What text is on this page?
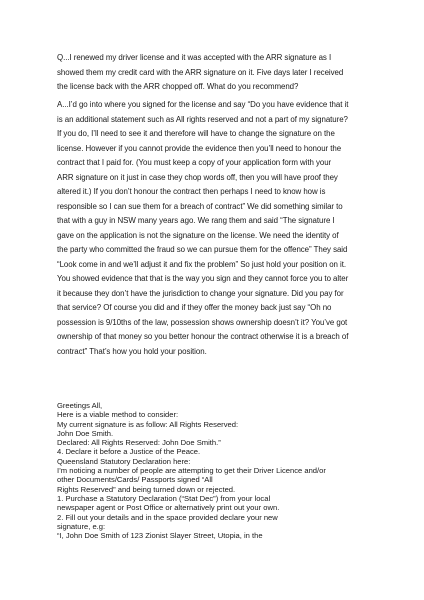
Q...I renewed my driver license and it was accepted with the ARR signature as I
showed them my credit card with the ARR signature on it. Five days later I received
the license back with the ARR chopped off. What do you recommend?

A...I’d go into where you signed for the license and say “Do you have evidence that it
is an additional statement such as All rights reserved and not a part of my signature?
If you do, I’ll need to see it and therefore will have to change the signature on the
license. However if you cannot provide the evidence then you’ll need to honour the
contract that I paid for. (You must keep a copy of your application form with your
ARR signature on it just in case they chop words off, then you will have proof they
altered it.) If you don’t honour the contract then perhaps I need to know how is
responsible so I can sue them for a breach of contract” We did something similar to
that with a guy in NSW many years ago. We rang them and said “The signature I
gave on the application is not the signature on the license. We need the identity of
the party who committed the fraud so we can pursue them for the offence” They said
“Look come in and we’ll adjust it and fix the problem” So just hold your position on it.
You showed evidence that that is the way you sign and they cannot force you to alter
it because they don’t have the jurisdiction to change your signature. Did you pay for
that service? Of course you did and if they offer the money back just say “Oh no
possession is 9/10ths of the law, possession shows ownership doesn’t it? You’ve got
ownership of that money so you better honour the contract otherwise it is a breach of
contract” That’s how you hold your position.

Greetings All,
Here is a viable method to consider:
My current signature is as follow: All Rights Reserved:
John Doe Smith.
Declared: All Rights Reserved: John Doe Smith.”
4. Declare it before a Justice of the Peace.
Queensland Statutory Declaration here:
I’m noticing a number of people are attempting to get their Driver Licence and/or
other Documents/Cards/ Passports signed “All
Rights Reserved” and being turned down or rejected.
1. Purchase a Statutory Declaration (“Stat Dec”) from your local
newspaper agent or Post Office or alternatively print out your own.
2. Fill out your details and in the space provided declare your new
signature, e.g:
“I, John Doe Smith of 123 Zionist Slayer Street, Utopia, in the
